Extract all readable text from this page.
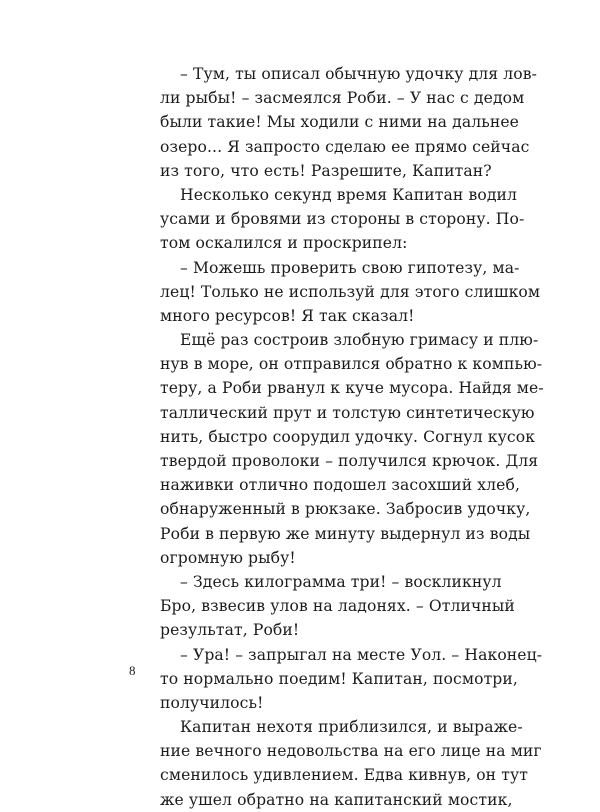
– Тум, ты описал обычную удочку для лов-
ли рыбы! – засмеялся Роби. – У нас с дедом
были такие! Мы ходили с ними на дальнее
озеро... Я запросто сделаю ее прямо сейчас
из того, что есть! Разрешите, Капитан?

Несколько секунд время Капитан водил
усами и бровями из стороны в сторону. По-
том оскалился и проскрипел:

– Можешь проверить свою гипотезу, ма-
лец! Только не используй для этого слишком
много ресурсов! Я так сказал!

Ещё раз состроив злобную гримасу и плю-
нув в море, он отправился обратно к компью-
теру, а Роби рванул к куче мусора. Найдя ме-
таллический прут и толстую синтетическую
нить, быстро соорудил удочку. Согнул кусок
твердой проволоки – получился крючок. Для
наживки отлично подошел засохший хлеб,
обнаруженный в рюкзаке. Забросив удочку,
Роби в первую же минуту выдернул из воды
огромную рыбу!

– Здесь килограмма три! – воскликнул
Бро, взвесив улов на ладонях. – Отличный
результат, Роби!

– Ура! – запрыгал на месте Уол. – Наконец-
то нормально поедим! Капитан, посмотри,
получилось!

Капитан нехотя приблизился, и выраже-
ние вечного недовольства на его лице на миг
сменилось удивлением. Едва кивнув, он тут
же ушел обратно на капитанский мостик,

8
